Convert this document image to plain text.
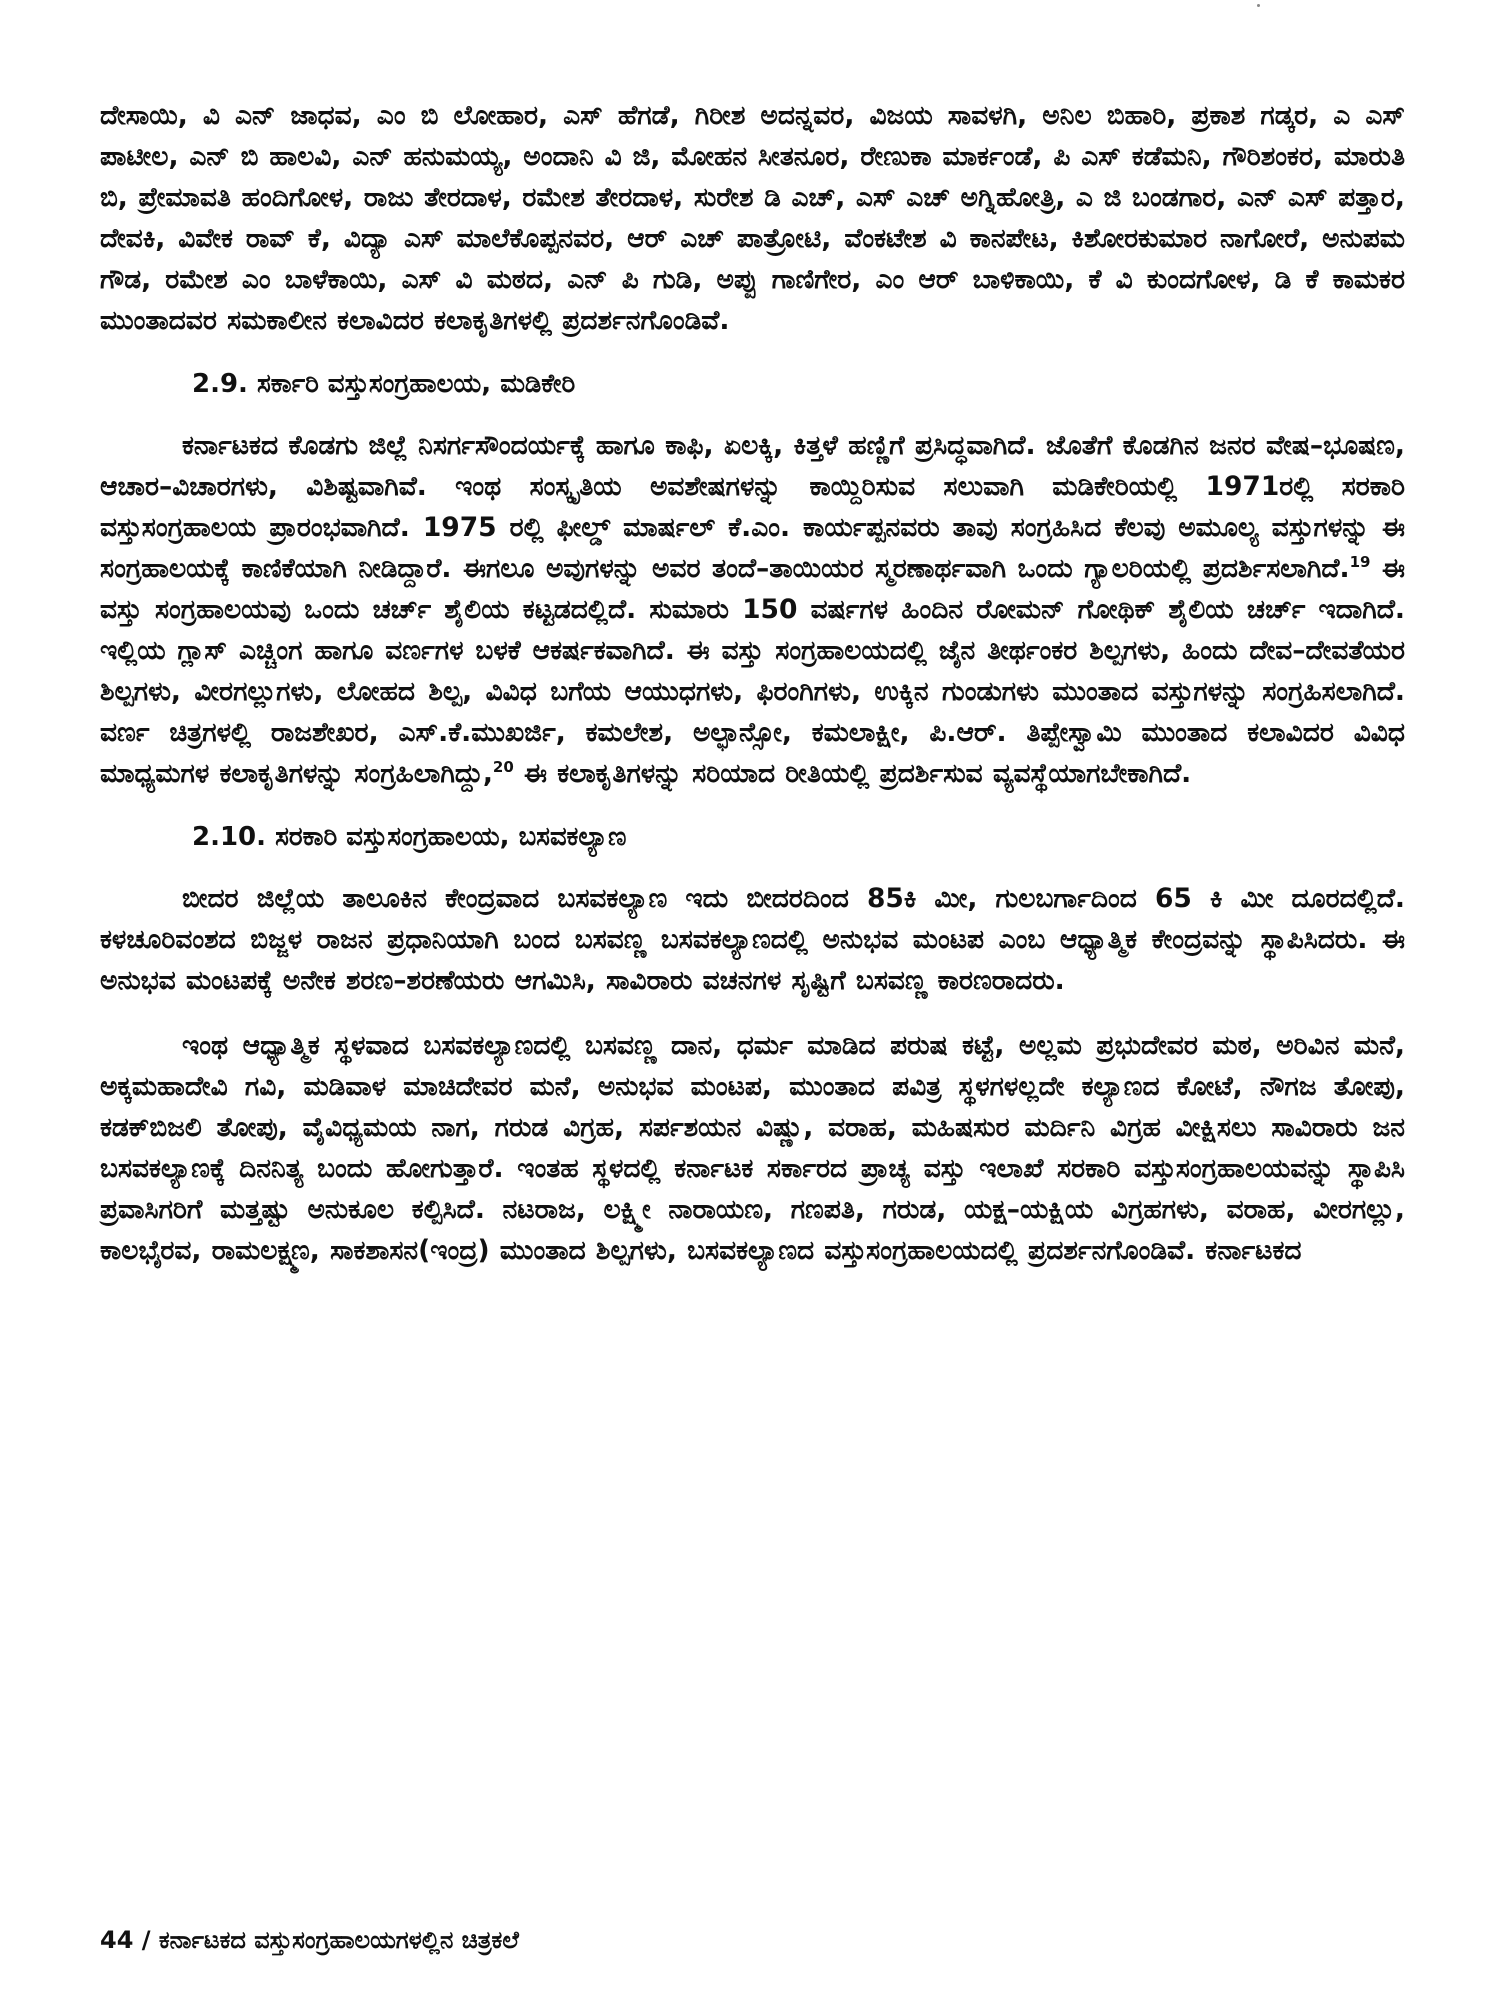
ದೇಸಾಯಿ, ವಿ ಎನ್ ಜಾಧವ, ಎಂ ಬಿ ಲೋಹಾರ, ಎಸ್ ಹೆಗಡೆ, ಗಿರೀಶ ಅದನ್ನವರ, ವಿಜಯ ಸಾವಳಗಿ, ಅನಿಲ ಬಿಹಾರಿ, ಪ್ರಕಾಶ ಗಡ್ಕರ, ಎ ಎಸ್ ಪಾಟೀಲ, ಎನ್ ಬಿ ಹಾಲವಿ, ಎನ್ ಹನುಮಯ್ಯ, ಅಂದಾನಿ ವಿ ಜಿ, ಮೋಹನ ಸೀತನೂರ, ರೇಣುಕಾ ಮಾರ್ಕಂಡೆ, ಪಿ ಎಸ್ ಕಡೆಮನಿ, ಗೌರಿಶಂಕರ, ಮಾರುತಿ ಬಿ, ಪ್ರೇಮಾವತಿ ಹಂದಿಗೋಳ, ರಾಜು ತೇರದಾಳ, ರಮೇಶ ತೇರದಾಳ, ಸುರೇಶ ಡಿ ಎಚ್, ಎಸ್ ಎಚ್ ಅಗ್ನಿಹೋತ್ರಿ, ಎ ಜಿ ಬಂಡಗಾರ, ಎನ್ ಎಸ್ ಪತ್ತಾರ, ದೇವಕಿ, ವಿವೇಕ ರಾವ್ ಕೆ, ವಿದ್ಯಾ ಎಸ್ ಮಾಲೆಕೊಪ್ಪನವರ, ಆರ್ ಎಚ್ ಪಾತ್ರೋಟಿ, ವೆಂಕಟೇಶ ವಿ ಕಾನಪೇಟ, ಕಿಶೋರಕುಮಾರ ನಾಗೋರೆ, ಅನುಪಮ ಗೌಡ, ರಮೇಶ ಎಂ ಬಾಳೆಕಾಯಿ, ಎಸ್ ವಿ ಮಠದ, ಎನ್ ಪಿ ಗುಡಿ, ಅಪ್ಪು ಗಾಣಿಗೇರ, ಎಂ ಆರ್ ಬಾಳಿಕಾಯಿ, ಕೆ ವಿ ಕುಂದಗೋಳ, ಡಿ ಕೆ ಕಾಮಕರ ಮುಂತಾದವರ ಸಮಕಾಲೀನ ಕಲಾವಿದರ ಕಲಾಕೃತಿಗಳಲ್ಲಿ ಪ್ರದರ್ಶನಗೊಂಡಿವೆ.

2.9. ಸರ್ಕಾರಿ ವಸ್ತುಸಂಗ್ರಹಾಲಯ, ಮಡಿಕೇರಿ

ಕರ್ನಾಟಕದ ಕೊಡಗು ಜಿಲ್ಲೆ ನಿಸರ್ಗಸೌಂದರ್ಯಕ್ಕೆ ಹಾಗೂ ಕಾಫಿ, ಏಲಕ್ಕಿ, ಕಿತ್ತಳೆ ಹಣ್ಣಿಗೆ ಪ್ರಸಿದ್ಧವಾಗಿದೆ. ಜೊತೆಗೆ ಕೊಡಗಿನ ಜನರ ವೇಷ–ಭೂಷಣ, ಆಚಾರ–ವಿಚಾರಗಳು, ವಿಶಿಷ್ಟವಾಗಿವೆ. ಇಂಥ ಸಂಸ್ಕೃತಿಯ ಅವಶೇಷಗಳನ್ನು ಕಾಯ್ದಿರಿಸುವ ಸಲುವಾಗಿ ಮಡಿಕೇರಿಯಲ್ಲಿ 1971ರಲ್ಲಿ ಸರಕಾರಿ ವಸ್ತುಸಂಗ್ರಹಾಲಯ ಪ್ರಾರಂಭವಾಗಿದೆ. 1975 ರಲ್ಲಿ ಫೀಲ್ಡ್ ಮಾರ್ಷಲ್ ಕೆ.ಎಂ. ಕಾರ್ಯಪ್ಪನವರು ತಾವು ಸಂಗ್ರಹಿಸಿದ ಕೆಲವು ಅಮೂಲ್ಯ ವಸ್ತುಗಳನ್ನು ಈ ಸಂಗ್ರಹಾಲಯಕ್ಕೆ ಕಾಣಿಕೆಯಾಗಿ ನೀಡಿದ್ದಾರೆ. ಈಗಲೂ ಅವುಗಳನ್ನು ಅವರ ತಂದೆ–ತಾಯಿಯರ ಸ್ಮರಣಾರ್ಥವಾಗಿ ಒಂದು ಗ್ಯಾಲರಿಯಲ್ಲಿ ಪ್ರದರ್ಶಿಸಲಾಗಿದೆ.$^{19}$ ಈ ವಸ್ತು ಸಂಗ್ರಹಾಲಯವು ಒಂದು ಚರ್ಚ್ ಶೈಲಿಯ ಕಟ್ಟಡದಲ್ಲಿದೆ. ಸುಮಾರು 150 ವರ್ಷಗಳ ಹಿಂದಿನ ರೋಮನ್ ಗೋಥಿಕ್ ಶೈಲಿಯ ಚರ್ಚ್ ಇದಾಗಿದೆ. ಇಲ್ಲಿಯ ಗ್ಲಾಸ್ ಎಚ್ಚಿಂಗ ಹಾಗೂ ವರ್ಣಗಳ ಬಳಕೆ ಆಕರ್ಷಕವಾಗಿದೆ. ಈ ವಸ್ತು ಸಂಗ್ರಹಾಲಯದಲ್ಲಿ ಜೈನ ತೀರ್ಥಂಕರ ಶಿಲ್ಪಗಳು, ಹಿಂದು ದೇವ–ದೇವತೆಯರ ಶಿಲ್ಪಗಳು, ವೀರಗಲ್ಲುಗಳು, ಲೋಹದ ಶಿಲ್ಪ, ವಿವಿಧ ಬಗೆಯ ಆಯುಧಗಳು, ಫಿರಂಗಿಗಳು, ಉಕ್ಕಿನ ಗುಂಡುಗಳು ಮುಂತಾದ ವಸ್ತುಗಳನ್ನು ಸಂಗ್ರಹಿಸಲಾಗಿದೆ. ವರ್ಣ ಚಿತ್ರಗಳಲ್ಲಿ ರಾಜಶೇಖರ, ಎಸ್.ಕೆ.ಮುಖರ್ಜಿ, ಕಮಲೇಶ, ಅಲ್ಫಾನ್ಸೋ, ಕಮಲಾಕ್ಷೀ, ಪಿ.ಆರ್. ತಿಪ್ಪೇಸ್ವಾಮಿ ಮುಂತಾದ ಕಲಾವಿದರ ವಿವಿಧ ಮಾಧ್ಯಮಗಳ ಕಲಾಕೃತಿಗಳನ್ನು ಸಂಗ್ರಹಿಲಾಗಿದ್ದು,$^{20}$ ಈ ಕಲಾಕೃತಿಗಳನ್ನು ಸರಿಯಾದ ರೀತಿಯಲ್ಲಿ ಪ್ರದರ್ಶಿಸುವ ವ್ಯವಸ್ಥೆಯಾಗಬೇಕಾಗಿದೆ.

2.10. ಸರಕಾರಿ ವಸ್ತುಸಂಗ್ರಹಾಲಯ, ಬಸವಕಲ್ಯಾಣ

ಬೀದರ ಜಿಲ್ಲೆಯ ತಾಲೂಕಿನ ಕೇಂದ್ರವಾದ ಬಸವಕಲ್ಯಾಣ ಇದು ಬೀದರದಿಂದ 85ಕಿ ಮೀ, ಗುಲಬರ್ಗಾದಿಂದ 65 ಕಿ ಮೀ ದೂರದಲ್ಲಿದೆ. ಕಳಚೂರಿವಂಶದ ಬಿಜ್ಜಳ ರಾಜನ ಪ್ರಧಾನಿಯಾಗಿ ಬಂದ ಬಸವಣ್ಣ ಬಸವಕಲ್ಯಾಣದಲ್ಲಿ ಅನುಭವ ಮಂಟಪ ಎಂಬ ಆಧ್ಯಾತ್ಮಿಕ ಕೇಂದ್ರವನ್ನು ಸ್ಥಾಪಿಸಿದರು. ಈ ಅನುಭವ ಮಂಟಪಕ್ಕೆ ಅನೇಕ ಶರಣ–ಶರಣೆಯರು ಆಗಮಿಸಿ, ಸಾವಿರಾರು ವಚನಗಳ ಸೃಷ್ಟಿಗೆ ಬಸವಣ್ಣ ಕಾರಣರಾದರು.

ಇಂಥ ಆಧ್ಯಾತ್ಮಿಕ ಸ್ಥಳವಾದ ಬಸವಕಲ್ಯಾಣದಲ್ಲಿ ಬಸವಣ್ಣ ದಾನ, ಧರ್ಮ ಮಾಡಿದ ಪರುಷ ಕಟ್ಟೆ, ಅಲ್ಲಮ ಪ್ರಭುದೇವರ ಮಠ, ಅರಿವಿನ ಮನೆ, ಅಕ್ಕಮಹಾದೇವಿ ಗವಿ, ಮಡಿವಾಳ ಮಾಚಿದೇವರ ಮನೆ, ಅನುಭವ ಮಂಟಪ, ಮುಂತಾದ ಪವಿತ್ರ ಸ್ಥಳಗಳಲ್ಲದೇ ಕಲ್ಯಾಣದ ಕೋಟೆ, ನೌಗಜ ತೋಪು, ಕಡಕ್‌ಬಿಜಲಿ ತೋಪು, ವೈವಿಧ್ಯಮಯ ನಾಗ, ಗರುಡ ವಿಗ್ರಹ, ಸರ್ಪಶಯನ ವಿಷ್ಣು, ವರಾಹ, ಮಹಿಷಸುರ ಮರ್ದಿನಿ ವಿಗ್ರಹ ವೀಕ್ಷಿಸಲು ಸಾವಿರಾರು ಜನ ಬಸವಕಲ್ಯಾಣಕ್ಕೆ ದಿನನಿತ್ಯ ಬಂದು ಹೋಗುತ್ತಾರೆ. ಇಂತಹ ಸ್ಥಳದಲ್ಲಿ ಕರ್ನಾಟಕ ಸರ್ಕಾರದ ಪ್ರಾಚ್ಯ ವಸ್ತು ಇಲಾಖೆ ಸರಕಾರಿ ವಸ್ತುಸಂಗ್ರಹಾಲಯವನ್ನು ಸ್ಥಾಪಿಸಿ ಪ್ರವಾಸಿಗರಿಗೆ ಮತ್ತಷ್ಟು ಅನುಕೂಲ ಕಲ್ಪಿಸಿದೆ. ನಟರಾಜ, ಲಕ್ಷ್ಮೀ ನಾರಾಯಣ, ಗಣಪತಿ, ಗರುಡ, ಯಕ್ಷ–ಯಕ್ಷಿಯ ವಿಗ್ರಹಗಳು, ವರಾಹ, ವೀರಗಲ್ಲು, ಕಾಲಭೈರವ, ರಾಮಲಕ್ಷ್ಮಣ, ಸಾಕಶಾಸನ(ಇಂದ್ರ) ಮುಂತಾದ ಶಿಲ್ಪಗಳು, ಬಸವಕಲ್ಯಾಣದ ವಸ್ತುಸಂಗ್ರಹಾಲಯದಲ್ಲಿ ಪ್ರದರ್ಶನಗೊಂಡಿವೆ. ಕರ್ನಾಟಕದ

44 / ಕರ್ನಾಟಕದ ವಸ್ತುಸಂಗ್ರಹಾಲಯಗಳಲ್ಲಿನ ಚಿತ್ರಕಲೆ
